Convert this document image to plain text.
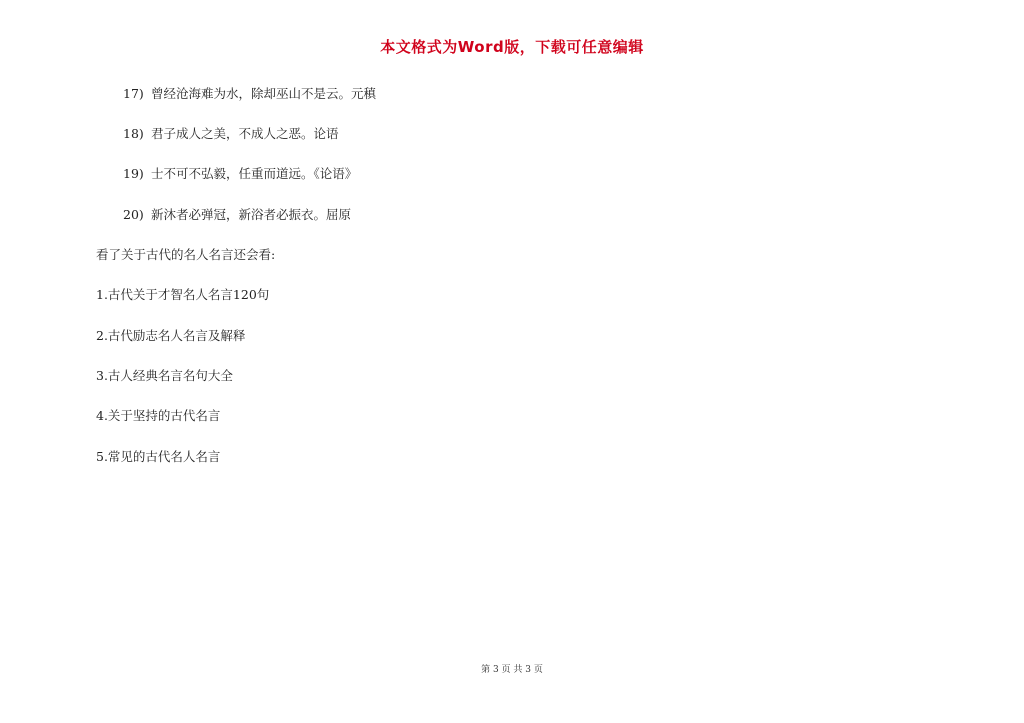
本文格式为Word版，下载可任意编辑
17) 曾经沧海难为水，除却巫山不是云。元稹
18) 君子成人之美，不成人之恶。论语
19) 士不可不弘毅，任重而道远。《论语》
20) 新沐者必弹冠，新浴者必振衣。屈原
看了关于古代的名人名言还会看:
1.古代关于才智名人名言120句
2.古代励志名人名言及解释
3.古人经典名言名句大全
4.关于坚持的古代名言
5.常见的古代名人名言
第 3 页 共 3 页
